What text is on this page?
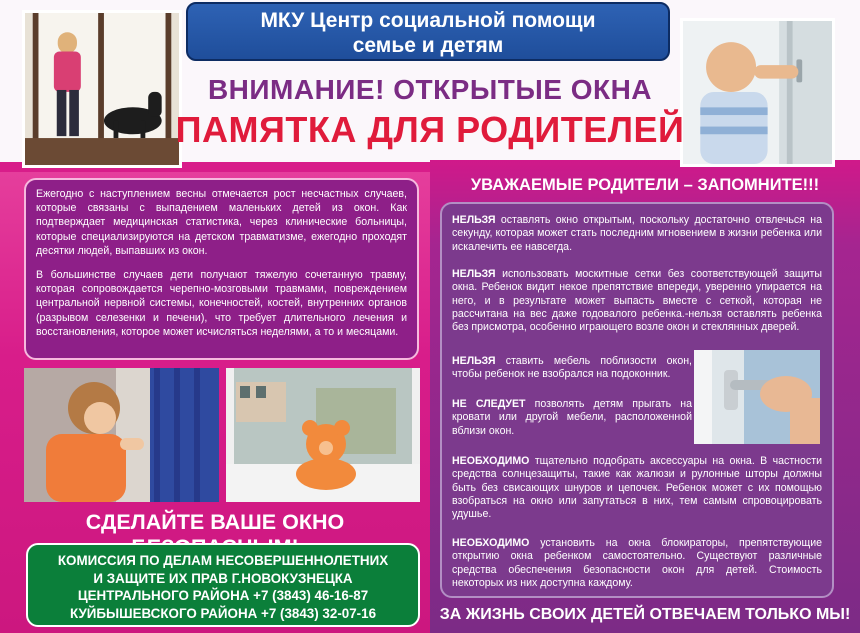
МКУ Центр социальной помощи
семье и детям
ВНИМАНИЕ! ОТКРЫТЫЕ ОКНА
ПАМЯТКА ДЛЯ РОДИТЕЛЕЙ

Ежегодно с наступлением весны отмечается рост несчастных случаев, которые связаны с выпадением маленьких детей из окон. Как подтверждает медицинская статистика, через клинические больницы, которые специализируются на детском травматизме, ежегодно проходят десятки людей, выпавших из окон.

В большинстве случаев дети получают тяжелую сочетанную травму, которая сопровождается черепно-мозговыми травмами, повреждением центральной нервной системы, конечностей, костей, внутренних органов (разрывом селезенки и печени), что требует длительного лечения и восстановления, которое может исчисляться неделями, а то и месяцами.

СДЕЛАЙТЕ ВАШЕ ОКНО
КОМИССИЯ ПО ДЕЛАМ НЕСОВЕРШЕННОЛЕТНИХ
И ЗАЩИТЕ ИХ ПРАВ Г.НОВОКУЗНЕЦКА
ЦЕНТРАЛЬНОГО РАЙОНА +7 (3843) 46-16-87
КУЙБЫШЕВСКОГО РАЙОНА +7 (3843) 32-07-16
УВАЖАЕМЫЕ РОДИТЕЛИ – ЗАПОМНИТЕ!!!
НЕЛЬЗЯ оставлять окно открытым, поскольку достаточно отвлечься на секунду, которая может стать последним мгновением в жизни ребенка или искалечить ее навсегда.
НЕЛЬЗЯ использовать москитные сетки без соответствующей защиты окна. Ребенок видит некое препятствие впереди, уверенно упирается на него, и в результате может выпасть вместе с сеткой, которая не рассчитана на вес даже годовалого ребенка.-нельзя оставлять ребенка без присмотра, особенно играющего возле окон и стеклянных дверей.
НЕЛЬЗЯ ставить мебель поблизости окон, чтобы ребенок не взобрался на подоконник.
НЕ СЛЕДУЕТ позволять детям прыгать на кровати или другой мебели, расположенной вблизи окон.
НЕОБХОДИМО тщательно подобрать аксессуары на окна. В частности средства солнцезащиты, такие как жалюзи и рулонные шторы должны быть без свисающих шнуров и цепочек. Ребенок может с их помощью взобраться на окно или запутаться в них, тем самым спровоцировать удушье.
НЕОБХОДИМО установить на окна блокираторы, препятствующие открытию окна ребенком самостоятельно. Существуют различные средства обеспечения безопасности окон для детей. Стоимость некоторых из них доступна каждому.
ЗА ЖИЗНЬ СВОИХ ДЕТЕЙ ОТВЕЧАЕМ ТОЛЬКО МЫ!
